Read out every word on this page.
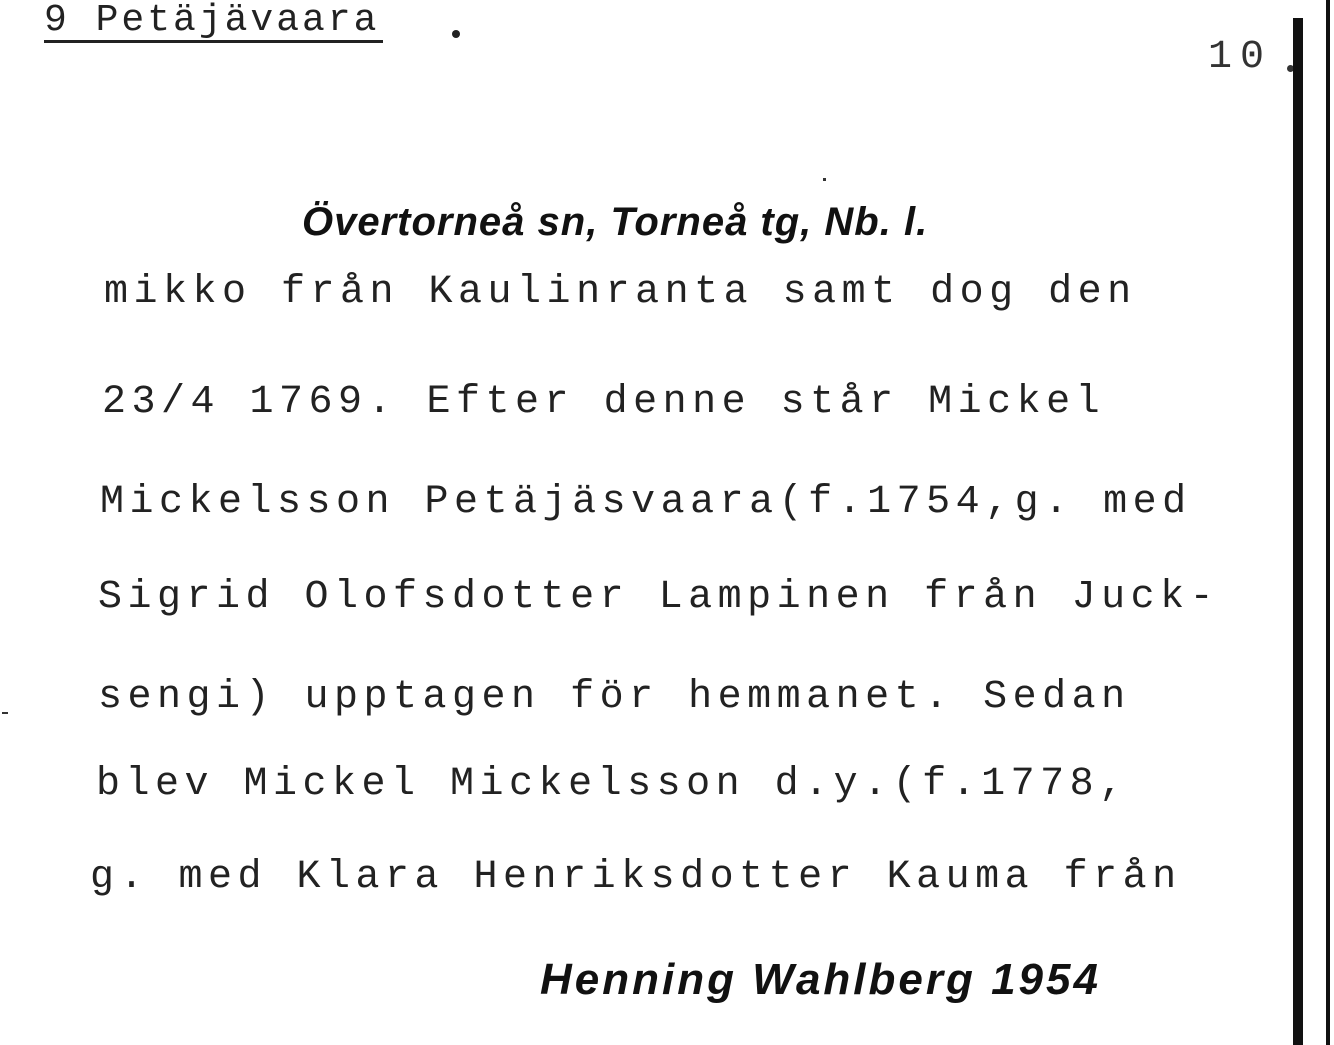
9 Petäjävaara
10
Övertorneå sn, Torneå tg, Nb. l.
mikko från Kaulinranta samt dog den
23/4 1769. Efter denne står Mickel
Mickelsson Petäjäsvaara(f.1754,g. med
Sigrid Olofsdotter Lampinen från Juck-
sengi) upptagen för hemmanet. Sedan
blev Mickel Mickelsson d.y.(f.1778,
g. med Klara Henriksdotter Kauma från
Henning Wahlberg 1954
